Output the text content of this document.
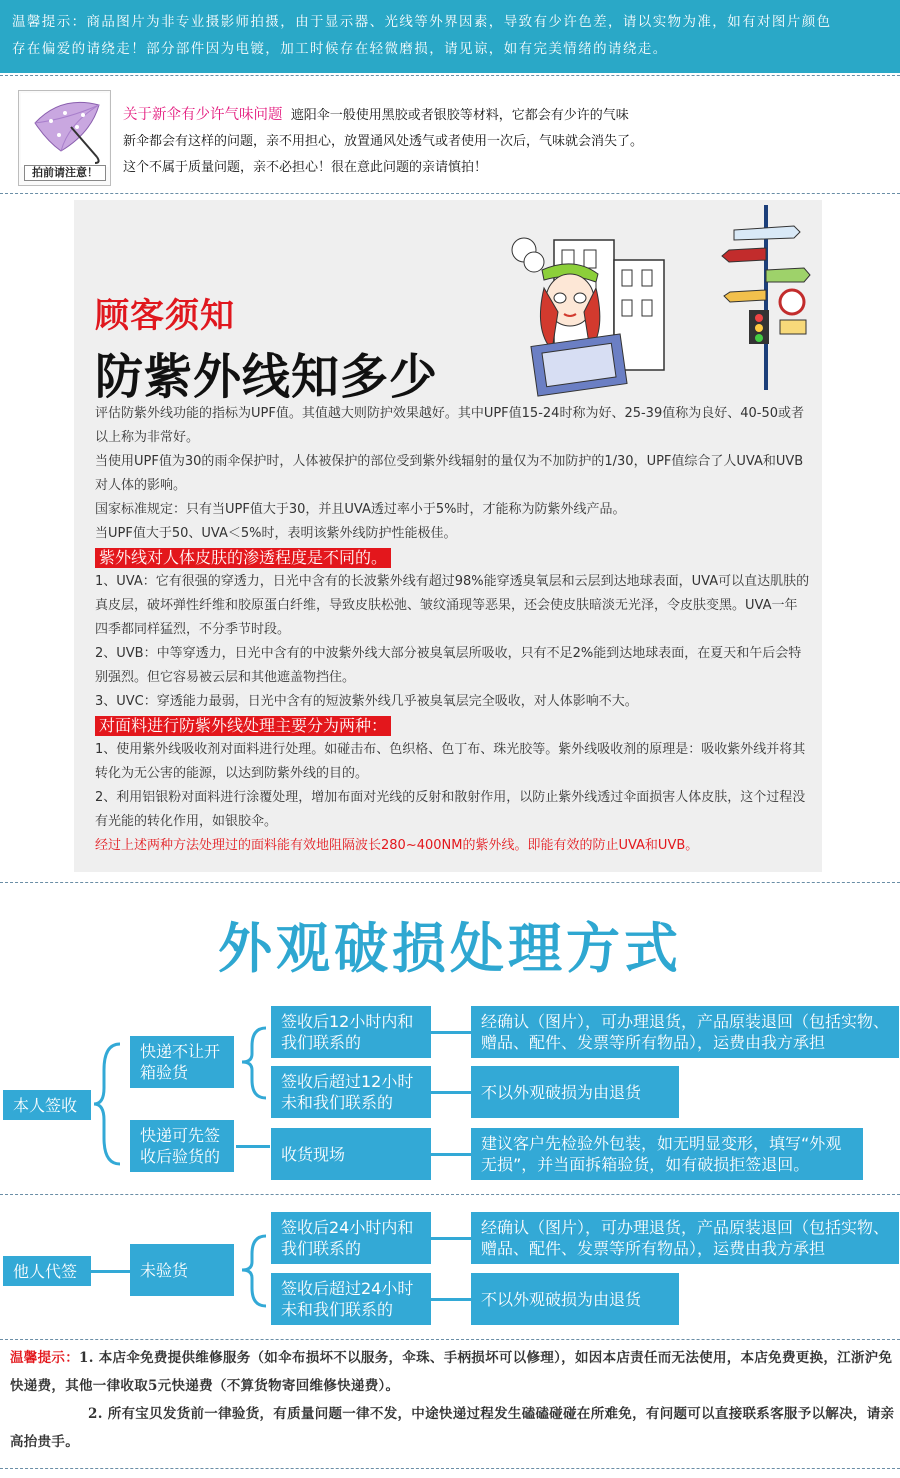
温馨提示：商品图片为非专业摄影师拍摄，由于显示器、光线等外界因素，导致有少许色差，请以实物为准，如有对图片颜色

存在偏爱的请绕走！部分部件因为电镀，加工时候存在轻微磨损，请见谅，如有完美情绪的请绕走。

拍前请注意！

关于新伞有少许气味问题 遮阳伞一般使用黑胶或者银胶等材料，它都会有少许的气味

新伞都会有这样的问题，亲不用担心，放置通风处透气或者使用一次后，气味就会消失了。

这个不属于质量问题，亲不必担心！很在意此问题的亲请慎拍！

顾客须知
防紫外线知多少

评估防紫外线功能的指标为UPF值。其值越大则防护效果越好。其中UPF值15-24时称为好、25-39值称为良好、40-50或者以上称为非常好。

当使用UPF值为30的雨伞保护时，人体被保护的部位受到紫外线辐射的量仅为不加防护的1/30，UPF值综合了人UVA和UVB对人体的影响。

国家标准规定：只有当UPF值大于30，并且UVA透过率小于5%时，才能称为防紫外线产品。

当UPF值大于50、UVA＜5%时，表明该紫外线防护性能极佳。

紫外线对人体皮肤的渗透程度是不同的。

1、UVA：它有很强的穿透力，日光中含有的长波紫外线有超过98%能穿透臭氧层和云层到达地球表面，UVA可以直达肌肤的真皮层，破坏弹性纤维和胶原蛋白纤维，导致皮肤松弛、皱纹涌现等恶果，还会使皮肤暗淡无光泽，令皮肤变黑。UVA一年四季都同样猛烈，不分季节时段。

2、UVB：中等穿透力，日光中含有的中波紫外线大部分被臭氧层所吸收，只有不足2%能到达地球表面，在夏天和午后会特别强烈。但它容易被云层和其他遮盖物挡住。

3、UVC：穿透能力最弱，日光中含有的短波紫外线几乎被臭氧层完全吸收，对人体影响不大。

对面料进行防紫外线处理主要分为两种：

1、使用紫外线吸收剂对面料进行处理。如碰击布、色织格、色丁布、珠光胶等。紫外线吸收剂的原理是：吸收紫外线并将其转化为无公害的能源，以达到防紫外线的目的。

2、利用铝银粉对面料进行涂覆处理，增加布面对光线的反射和散射作用，以防止紫外线透过伞面损害人体皮肤，这个过程没有光能的转化作用，如银胶伞。

经过上述两种方法处理过的面料能有效地阻隔波长280~400NM的紫外线。即能有效的防止UVA和UVB。

外观破损处理方式
本人签收
快递不让开箱验货
快递可先签收后验货的
签收后12小时内和我们联系的
签收后超过12小时未和我们联系的
收货现场
经确认（图片），可办理退货，产品原装退回（包括实物、赠品、配件、发票等所有物品），运费由我方承担
不以外观破损为由退货
建议客户先检验外包装，如无明显变形，填写“外观无损”，并当面拆箱验货，如有破损拒签退回。
他人代签	未验货
签收后24小时内和我们联系的
签收后超过24小时未和我们联系的
经确认（图片），可办理退货，产品原装退回（包括实物、赠品、配件、发票等所有物品），运费由我方承担
不以外观破损为由退货

温馨提示：1. 本店伞免费提供维修服务（如伞布损坏不以服务，伞珠、手柄损坏可以修理），如因本店责任而无法使用，本店免费更换，江浙沪免快递费，其他一律收取5元快递费（不算货物寄回维修快递费）。

2. 所有宝贝发货前一律验货，有质量问题一律不发，中途快递过程发生磕磕碰碰在所难免，有问题可以直接联系客服予以解决，请亲高抬贵手。
